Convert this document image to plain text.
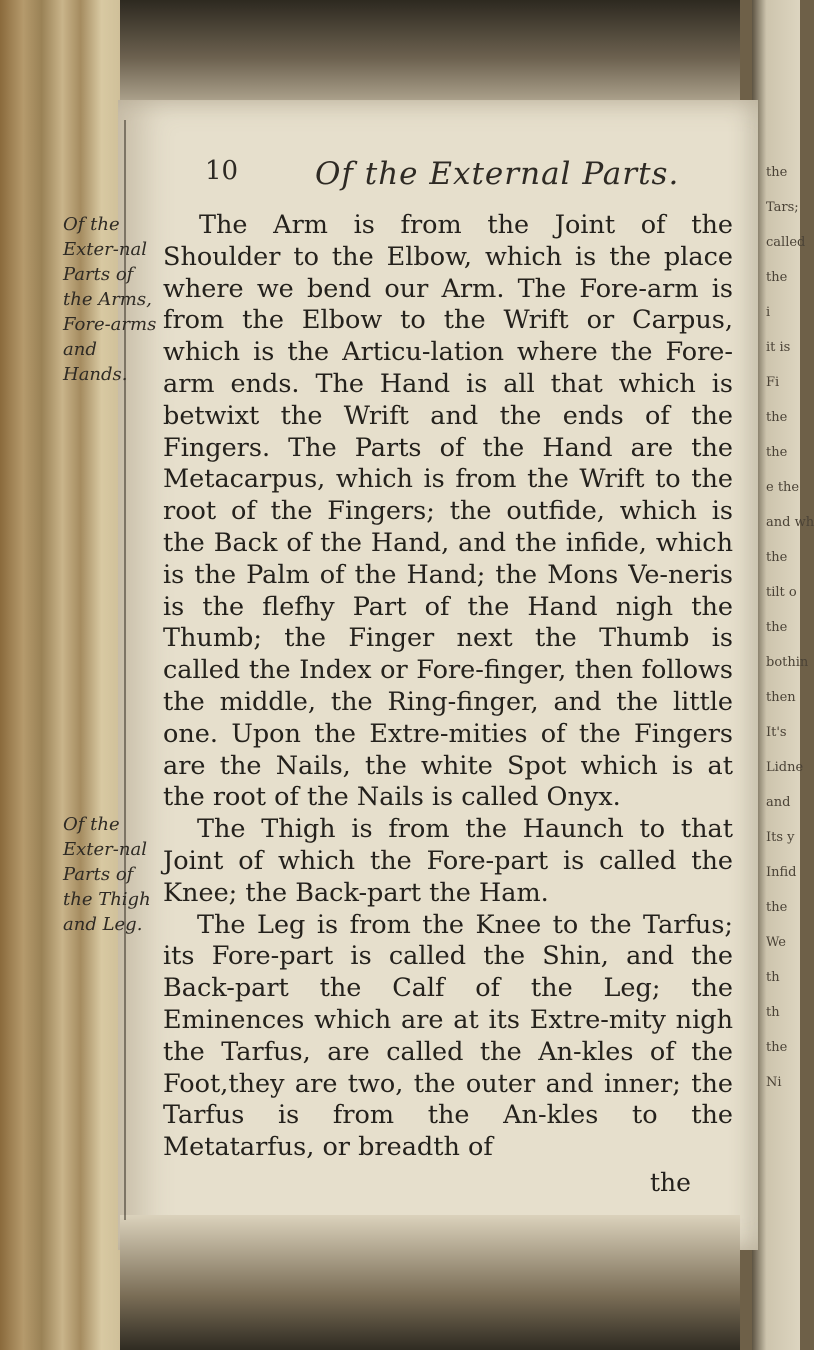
the
Tars;
called
the
i
it is
Fi
the
the
e the
and wh
the
tilt o
the
bothin
then
It's
Lidne
and
Its y
Infid
the
We
th
th
the
Ni
10 Of the External Parts.
Of the Exter-nal Parts of the Arms, Fore-arms and Hands.
Of the Exter-nal Parts of the Thigh and Leg.

The Arm is from the Joint of the Shoulder to the Elbow, which is the place where we bend our Arm. The Fore-arm is from the Elbow to the Wrift or Carpus, which is the Articu-lation where the Fore-arm ends. The Hand is all that which is betwixt the Wrift and the ends of the Fingers. The Parts of the Hand are the Metacarpus, which is from the Wrift to the root of the Fingers; the outfide, which is the Back of the Hand, and the infide, which is the Palm of the Hand; the Mons Ve-neris is the flefhy Part of the Hand nigh the Thumb; the Finger next the Thumb is called the Index or Fore-finger, then follows the middle, the Ring-finger, and the little one. Upon the Extre-mities of the Fingers are the Nails, the white Spot which is at the root of the Nails is called Onyx.

The Thigh is from the Haunch to that Joint of which the Fore-part is called the Knee; the Back-part the Ham.

The Leg is from the Knee to the Tarfus; its Fore-part is called the Shin, and the Back-part the Calf of the Leg; the Eminences which are at its Extre-mity nigh the Tarfus, are called the An-kles of the Foot,they are two, the outer and inner; the Tarfus is from the An-kles to the Metatarfus, or breadth of

the
